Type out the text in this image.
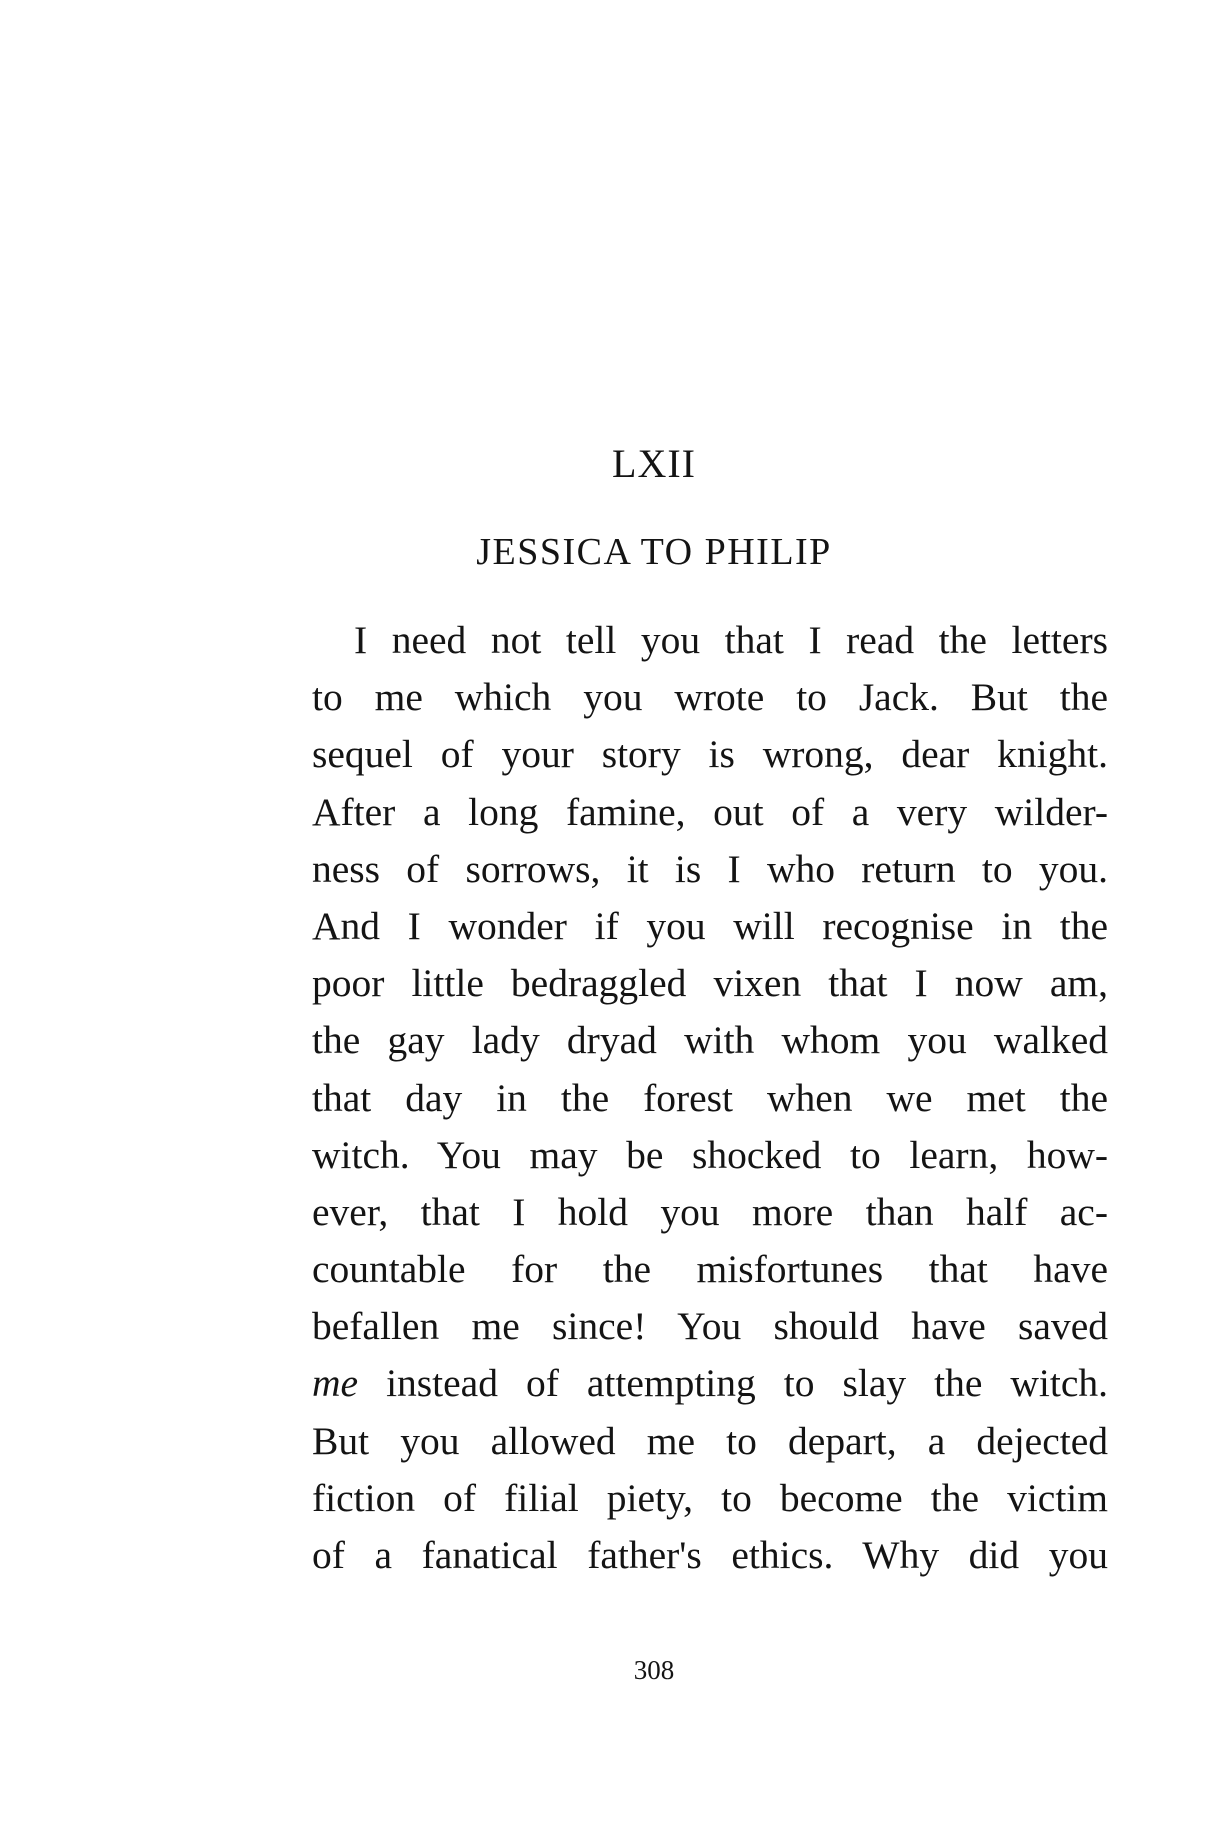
LXII
JESSICA TO PHILIP
I need not tell you that I read the letters
to me which you wrote to Jack. But the
sequel of your story is wrong, dear knight.
After a long famine, out of a very wilder-
ness of sorrows, it is I who return to you.
And I wonder if you will recognise in the
poor little bedraggled vixen that I now am,
the gay lady dryad with whom you walked
that day in the forest when we met the
witch. You may be shocked to learn, how-
ever, that I hold you more than half ac-
countable for the misfortunes that have
befallen me since! You should have saved
me instead of attempting to slay the witch.
But you allowed me to depart, a dejected
fiction of filial piety, to become the victim
of a fanatical father's ethics. Why did you
308
